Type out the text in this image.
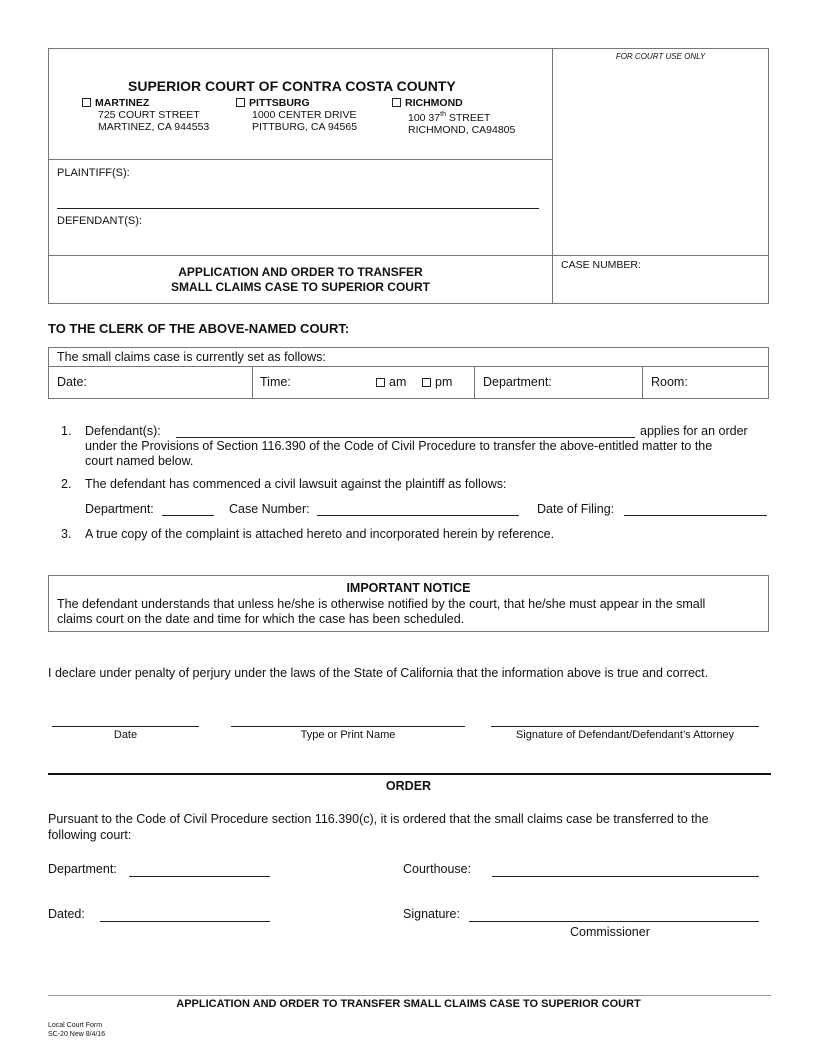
FOR COURT USE ONLY
SUPERIOR COURT OF CONTRA COSTA COUNTY
MARTINEZ
725 COURT STREET
MARTINEZ, CA 944553
PITTSBURG
1000 CENTER DRIVE
PITTBURG, CA 94565
RICHMOND
100 37th STREET
RICHMOND, CA94805
PLAINTIFF(S):
DEFENDANT(S):
APPLICATION AND ORDER TO TRANSFER
SMALL CLAIMS CASE TO SUPERIOR COURT
CASE NUMBER:
TO THE CLERK OF THE ABOVE-NAMED COURT:
The small claims case is currently set as follows:
Date:	Time:	am	pm Department:	Room:
1. Defendant(s):	applies for an order
under the Provisions of Section 116.390 of the Code of Civil Procedure to transfer the above-entitled matter to the
court named below.
2. The defendant has commenced a civil lawsuit against the plaintiff as follows:
Department:	Case Number:	Date of Filing:
3. A true copy of the complaint is attached hereto and incorporated herein by reference.
IMPORTANT NOTICE
The defendant understands that unless he/she is otherwise notified by the court, that he/she must appear in the small
claims court on the date and time for which the case has been scheduled.
I declare under penalty of perjury under the laws of the State of California that the information above is true and correct.
Date	Type or Print Name	Signature of Defendant/Defendant’s Attorney
ORDER
Pursuant to the Code of Civil Procedure section 116.390(c), it is ordered that the small claims case be transferred to the
following court:
Department:	Courthouse:
Dated:	Signature:
Commissioner
APPLICATION AND ORDER TO TRANSFER SMALL CLAIMS CASE TO SUPERIOR COURT
Local Court Form
SC-20 New 8/4/16
